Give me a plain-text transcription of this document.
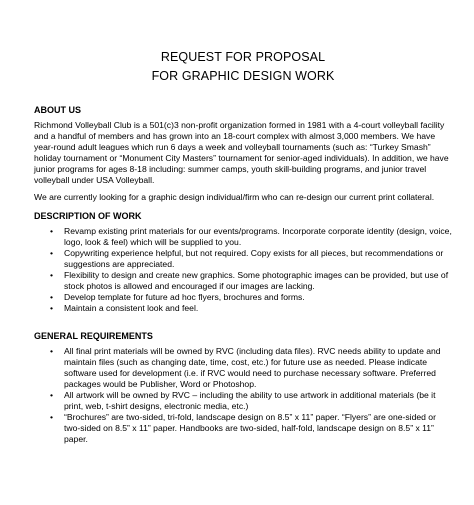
REQUEST FOR PROPOSAL
FOR GRAPHIC DESIGN WORK
ABOUT US

Richmond Volleyball Club is a 501(c)3 non-profit organization formed in 1981 with a 4-court volleyball facility and a handful of members and has grown into an 18-court complex with almost 3,000 members. We have year-round adult leagues which run 6 days a week and volleyball tournaments (such as: “Turkey Smash” holiday tournament or “Monument City Masters” tournament for senior-aged individuals). In addition, we have junior programs for ages 8-18 including: summer camps, youth skill-building programs, and junior travel volleyball under USA Volleyball.

We are currently looking for a graphic design individual/firm who can re-design our current print collateral.

DESCRIPTION OF WORK
• Revamp existing print materials for our events/programs. Incorporate corporate identity (design, voice, logo, look & feel) which will be supplied to you.
• Copywriting experience helpful, but not required. Copy exists for all pieces, but recommendations or suggestions are appreciated.
• Flexibility to design and create new graphics. Some photographic images can be provided, but use of stock photos is allowed and encouraged if our images are lacking.
• Develop template for future ad hoc flyers, brochures and forms.
• Maintain a consistent look and feel.
GENERAL REQUIREMENTS
• All final print materials will be owned by RVC (including data files). RVC needs ability to update and maintain files (such as changing date, time, cost, etc.) for future use as needed. Please indicate software used for development (i.e. if RVC would need to purchase necessary software. Preferred packages would be Publisher, Word or Photoshop.
• All artwork will be owned by RVC – including the ability to use artwork in additional materials (be it print, web, t-shirt designs, electronic media, etc.)
• “Brochures” are two-sided, tri-fold, landscape design on 8.5” x 11” paper. “Flyers” are one-sided or two-sided on 8.5” x 11” paper. Handbooks are two-sided, half-fold, landscape design on 8.5” x 11” paper.
